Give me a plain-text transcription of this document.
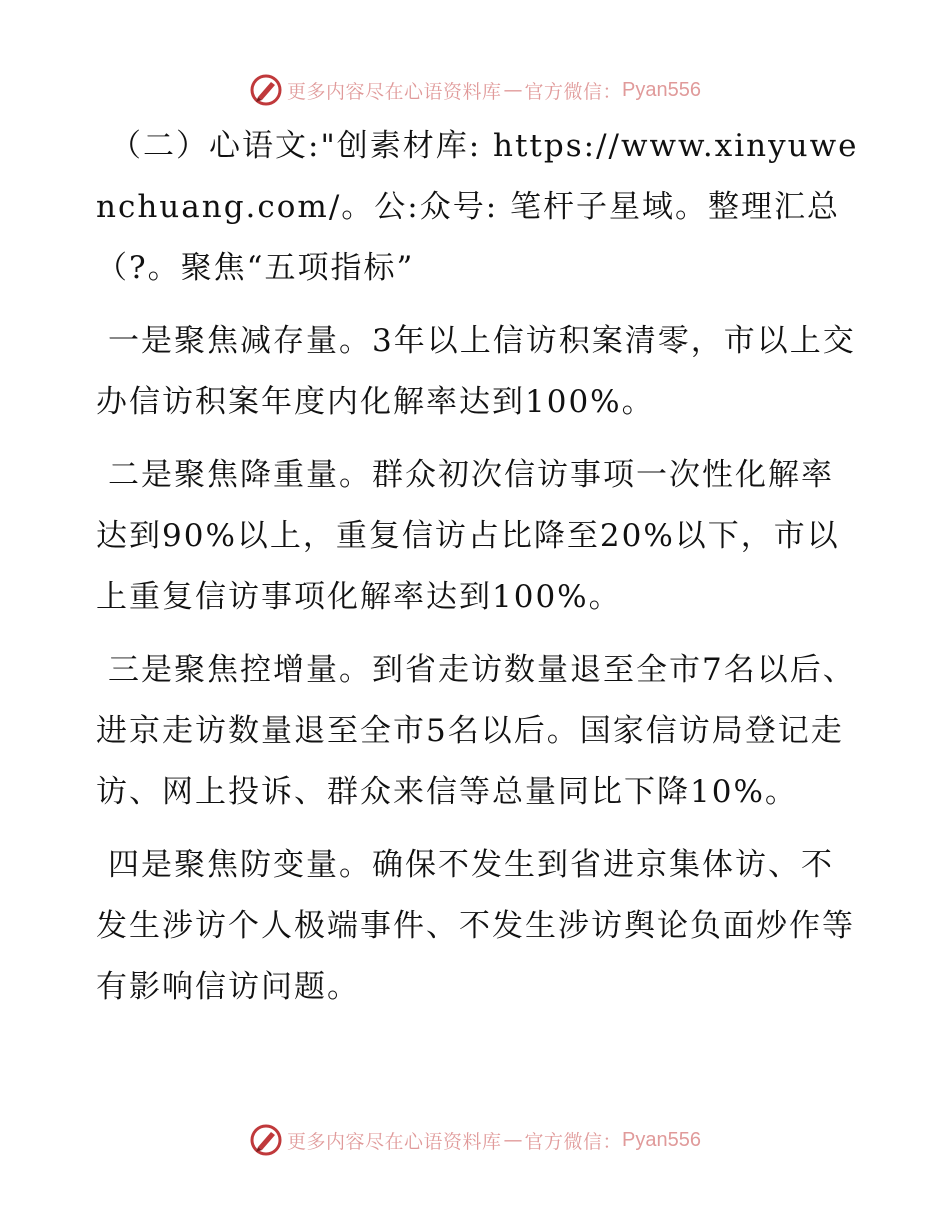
更多内容尽在心语资料库 — 官方微信： Pyan556

（二）心语文:"创素材库: https://www.xinyuwenchuang.com/。公:众号: 笔杆子星域。整理汇总（?。聚焦“五项指标”

一是聚焦减存量。3年以上信访积案清零，市以上交办信访积案年度内化解率达到100%。

二是聚焦降重量。群众初次信访事项一次性化解率达到90%以上，重复信访占比降至20%以下，市以上重复信访事项化解率达到100%。

三是聚焦控增量。到省走访数量退至全市7名以后、进京走访数量退至全市5名以后。国家信访局登记走访、网上投诉、群众来信等总量同比下降10%。

四是聚焦防变量。确保不发生到省进京集体访、不发生涉访个人极端事件、不发生涉访舆论负面炒作等有影响信访问题。

更多内容尽在心语资料库 — 官方微信： Pyan556
